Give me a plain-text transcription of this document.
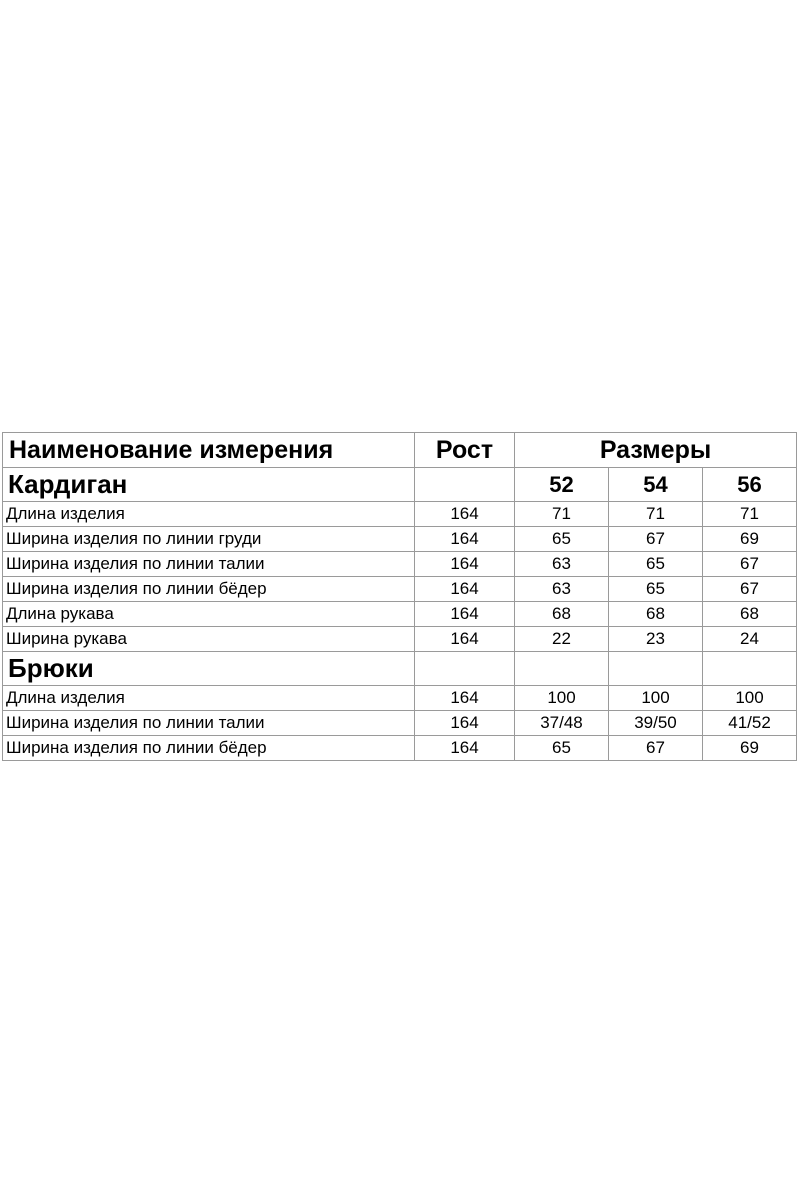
Наименование измерения	Рост	Размеры		
Кардиган		52	54	56
Длина изделия	164	71	71	71
Ширина изделия по линии груди	164	65	67	69
Ширина изделия по линии талии	164	63	65	67
Ширина изделия по линии бёдер	164	63	65	67
Длина рукава	164	68	68	68
Ширина рукава	164	22	23	24
Брюки				
Длина изделия	164	100	100	100
Ширина изделия по линии талии	164	37/48	39/50	41/52
Ширина изделия по линии бёдер	164	65	67	69
